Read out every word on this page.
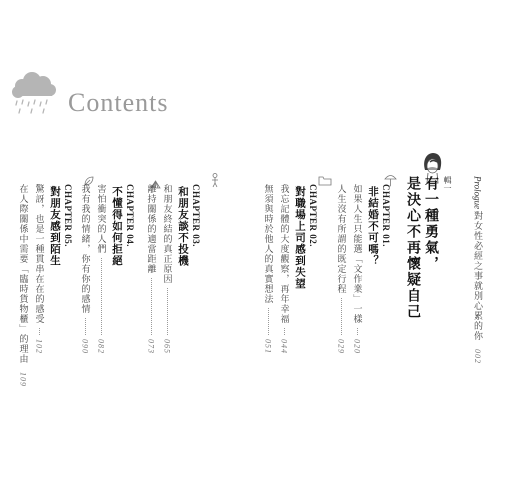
Contents
Prologue
對女性必經之事就別心累的你
002
輯一
有一種勇氣，
是決心不再懷疑自己
CHAPTER 01.
非結婚不可嗎？
如果人生只能選「文作業」一樣
020
人生沒有所謂的既定行程
029
CHAPTER 02.
對職場上司感到失望
我忘記體的大度觀察，再年幸福
044
無須與時於他人的真實想法
051
CHAPTER 03.
和朋友談不投機
和朋友終結的真正原因
065
離持關係的適當距離
073
CHAPTER 04.
不懂得如何拒絕
害怕衝突的人們
082
我有我的情緒，你有你的感情
090
CHAPTER 05.
對朋友感到陌生
驚訝，也是一種貫串在在的感受
102
在人際關係中需要「臨時貨物櫃」的理由
109
